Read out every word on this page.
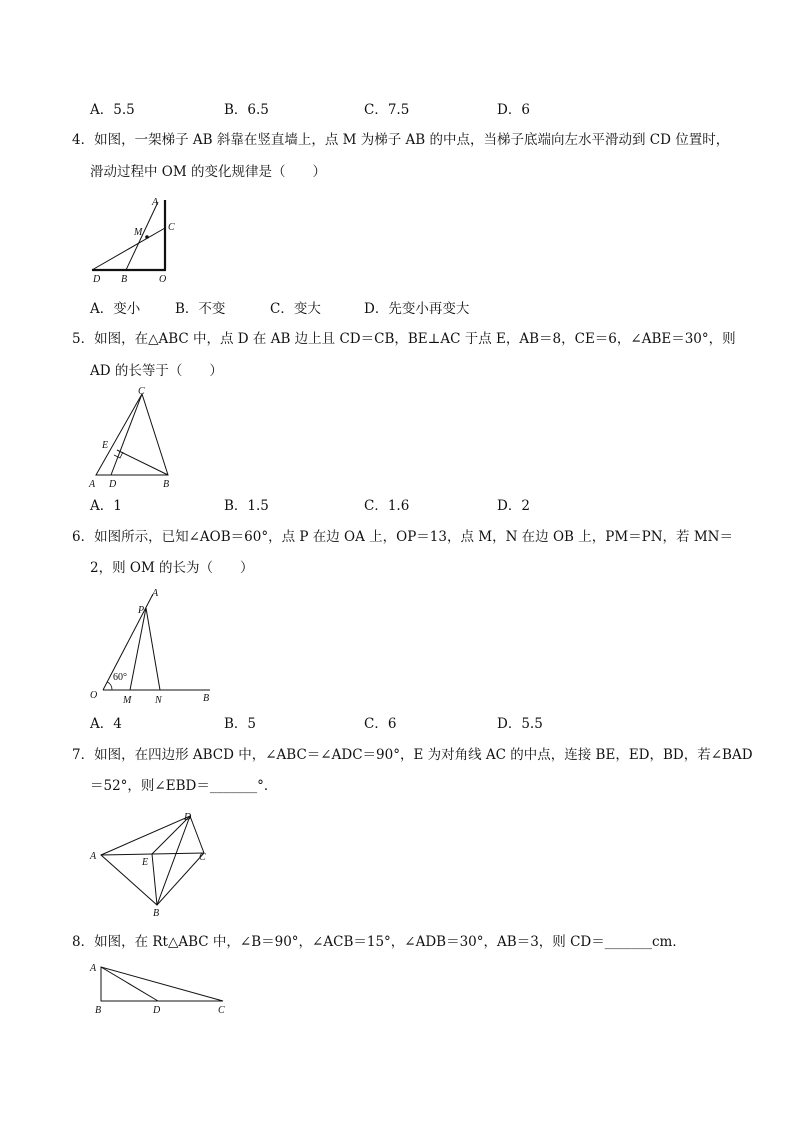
A．5.5	B．6.5	C．7.5	D．6
4．如图，一架梯子 AB 斜靠在竖直墙上，点 M 为梯子 AB 的中点，当梯子底端向左水平滑动到 CD 位置时，
滑动过程中 OM 的变化规律是（　　）
A
C
M
D B	O
A．变小	B．不变	C．变大	D．先变小再变大
5．如图，在△ABC 中，点 D 在 AB 边上且 CD＝CB，BE⊥AC 于点 E，AB＝8，CE＝6，∠ABE＝30°，则
AD 的长等于（　　）
C
E
A D	B
A．1	B．1.5	C．1.6	D．2
6．如图所示，已知∠AOB＝60°，点 P 在边 OA 上，OP＝13，点 M，N 在边 OB 上，PM＝PN，若 MN＝
2，则 OM 的长为（　　）
A
P
O
60°
M N	B
A．4	B．5	C．6	D．5.5
7．如图，在四边形 ABCD 中，∠ABC＝∠ADC＝90°，E 为对角线 AC 的中点，连接 BE，ED，BD，若∠BAD
＝52°，则∠EBD＝_______°．
D
A
E	C
B
8．如图，在 Rt△ABC 中，∠B＝90°，∠ACB＝15°，∠ADB＝30°，AB＝3，则 CD＝_______cm．
A
B	D	C
